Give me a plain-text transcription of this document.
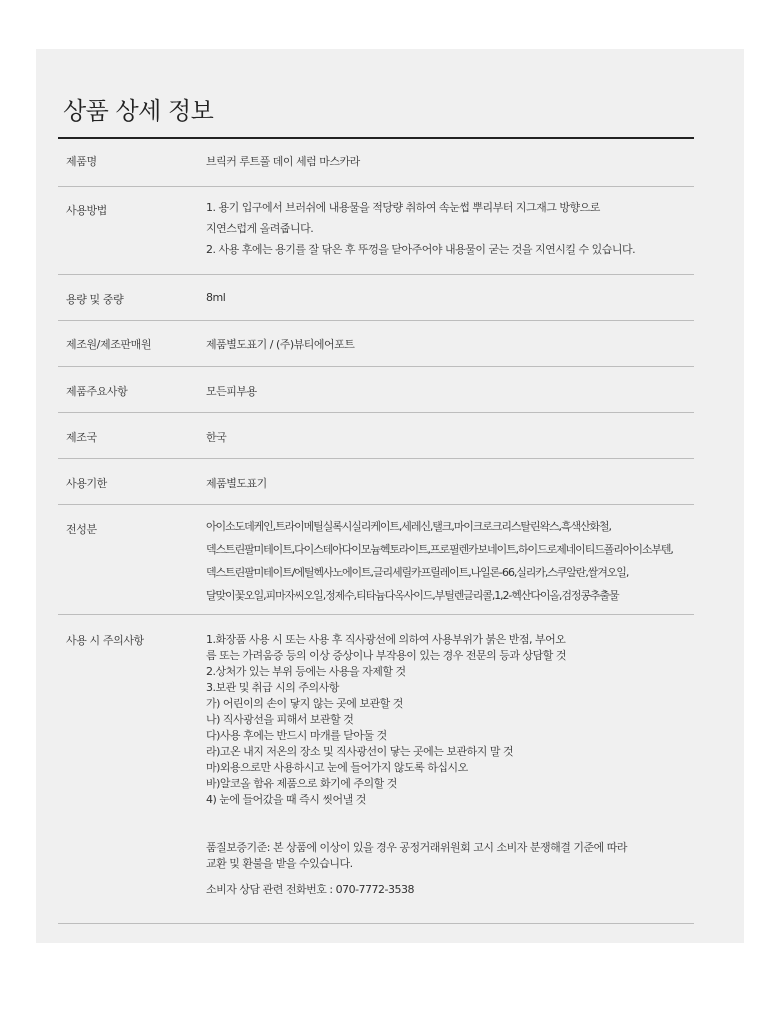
상품 상세 정보
제품명	브릭커 루트풀 데이 세럼 마스카라
사용방법	1. 용기 입구에서 브러쉬에 내용물을 적당량 취하여 속눈썹 뿌리부터 지그재그 방향으로
지연스럽게 올려줍니다.
2. 사용 후에는 용기를 잘 닦은 후 뚜껑을 닫아주어야 내용물이 굳는 것을 지연시킬 수 있습니다.
용량 및 중량	8ml
제조원/제조판매원	제품별도표기 / (주)뷰티에어포트
제품주요사항	모든피부용
제조국	한국
사용기한	제품별도표기
전성분	아이소도데케인,트라이메틸실록시실리케이트,세레신,탤크,마이크로크리스탈린왁스,흑색산화철,
덱스트린팔미테이트,다이스테아다이모늄헥토라이트,프로필렌카보네이트,하이드로제네이티드폴리아이소부텐,
덱스트린팔미테이트/에틸헥사노에이트,글리세릴카프릴레이트,나일론-66,실리카,스쿠알란,쌀겨오일,
달맞이꽃오일,피마자씨오일,정제수,티타늄다옥사이드,부틸렌글리콜,1,2-헥산다이올,검정콩추출물
사용 시 주의사항	1.화장품 사용 시 또는 사용 후 직사광선에 의하여 사용부위가 붉은 반점, 부어오
름 또는 가려움증 등의 이상 증상이나 부작용이 있는 경우 전문의 등과 상담할 것
2.상처가 있는 부위 등에는 사용을 자제할 것
3.보관 및 취급 시의 주의사항
가) 어린이의 손이 닿지 않는 곳에 보관할 것
나) 직사광선을 피해서 보관할 것
다)사용 후에는 반드시 마개를 닫아둘 것
라)고온 내지 저온의 장소 및 직사광선이 닿는 곳에는 보관하지 말 것
마)외용으로만 사용하시고 눈에 들어가지 않도록 하십시오
바)알코올 함유 제품으로 화기에 주의할 것
4) 눈에 들어갔을 때 즉시 씻어낼 것
품질보증기준: 본 상품에 이상이 있을 경우 공정거래위원회 고시 소비자 분쟁해결 기준에 따라
교환 및 환불을 받을 수있습니다.
소비자 상담 관련 전화번호 : 070-7772-3538
